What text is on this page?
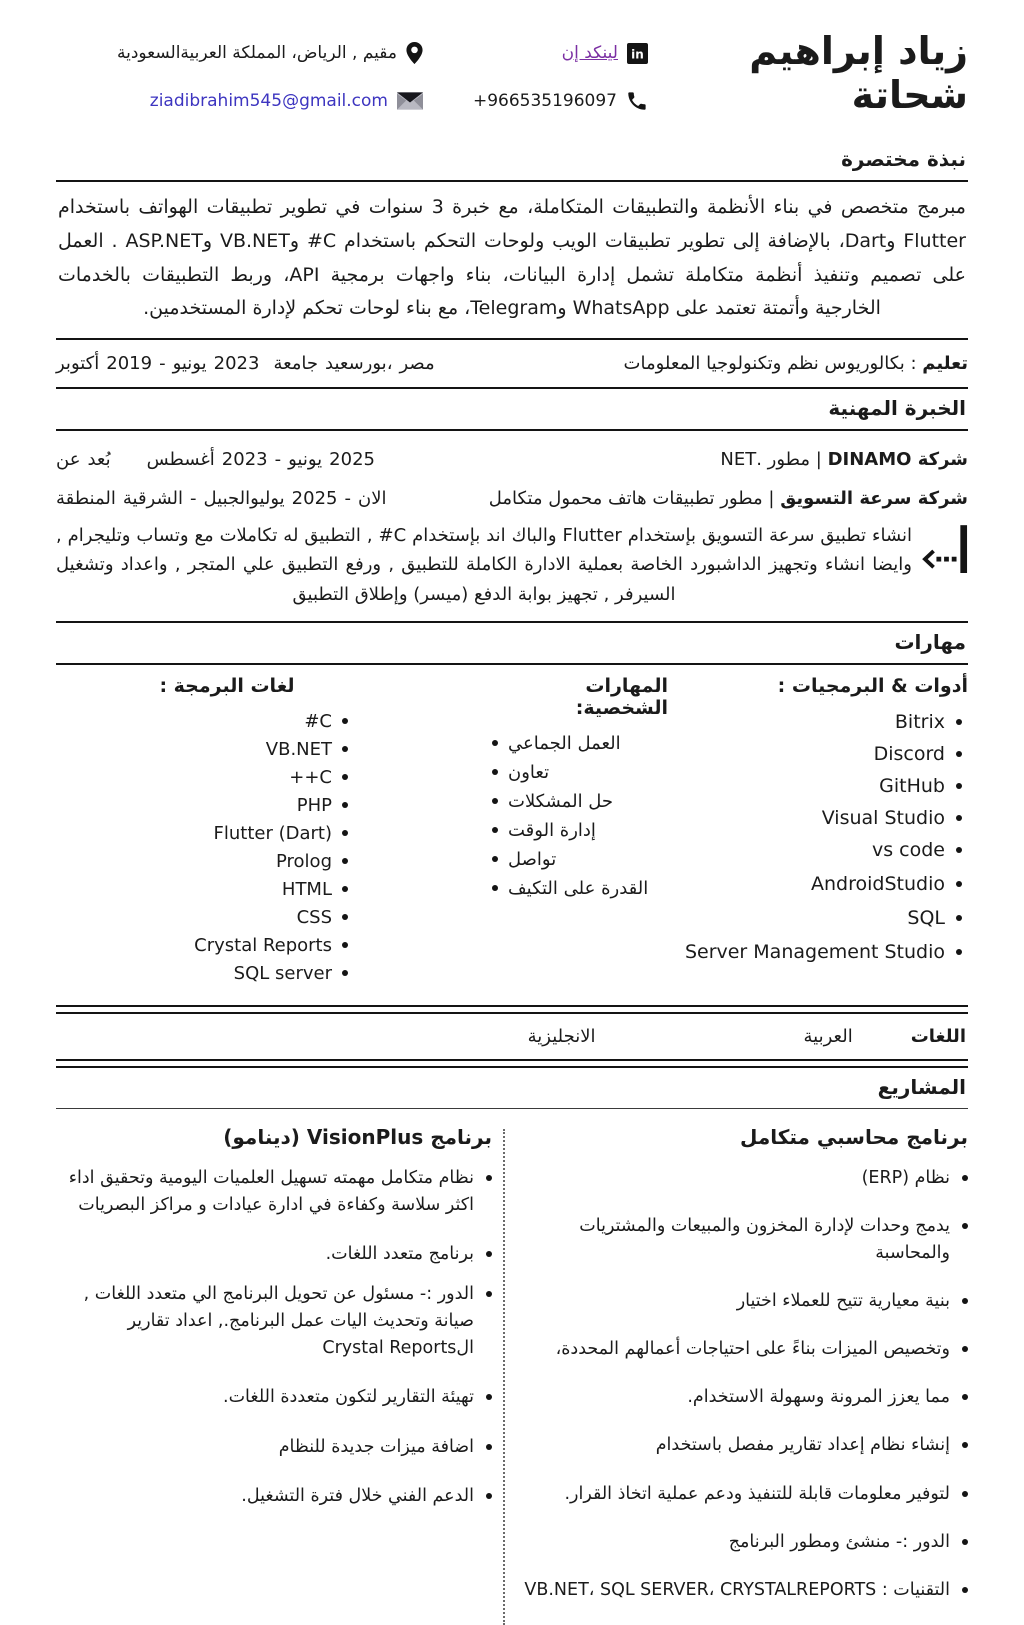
زياد إبراهيم شحاتة
in
لينكد إن
+966535196097
مقيم , الرياض، المملكة العربيةالسعودية
ziadibrahim545@gmail.com
نبذة مختصرة
مبرمج متخصص في بناء الأنظمة والتطبيقات المتكاملة، مع خبرة 3 سنوات في تطوير تطبيقات الهواتف باستخدام Flutter وDart، بالإضافة إلى تطوير تطبيقات الويب ولوحات التحكم باستخدام ‎#C وVB.NET وASP.NET . العمل على تصميم وتنفيذ أنظمة متكاملة تشمل إدارة البيانات، بناء واجهات برمجية API، وربط التطبيقات بالخدمات الخارجية وأتمتة تعتمد على WhatsApp وTelegram، مع بناء لوحات تحكم لإدارة المستخدمين.
أكتوبر 2019 - يونيو 2023 جامعة بورسعيد، مصر	تعليم : بكالوريوس نظم وتكنولوجيا المعلومات
الخبرة المهنية
عن بُعد أغسطس 2023 - يونيو 2025	شركة DINAMO | مطور .NET
المنطقة الشرقية - الجبيل يوليو 2025 - الان	شركة سرعة التسويق | مطور تطبيقات هاتف محمول متكامل
انشاء تطبيق سرعة التسويق بإستخدام Flutter والباك اند بإستخدام ‎#C , التطبيق له تكاملات مع وتساب وتليجرام , وايضا انشاء وتجهيز الداشبورد الخاصة بعملية الادارة الكاملة للتطبيق , ورفع التطبيق علي المتجر , واعداد وتشغيل السيرفر , تجهيز بوابة الدفع (ميسر) وإطلاق التطبيق
مهارات
أدوات & البرمجيات :
Bitrix
Discord
GitHub
Visual Studio
vs code
AndroidStudio
SQL
Server Management Studio
المهارات الشخصية:
العمل الجماعي
تعاون
حل المشكلات
إدارة الوقت
تواصل
القدرة على التكيف
لغات البرمجة :
#C
VB.NET
++C
PHP
Flutter (Dart)
Prolog
HTML
CSS
Crystal Reports
SQL server
اللغات
العربية
الانجليزية
المشاريع
برنامج محاسبي متكامل
نظام (ERP)
يدمج وحدات لإدارة المخزون والمبيعات والمشتريات والمحاسبة
بنية معيارية تتيح للعملاء اختيار
وتخصيص الميزات بناءً على احتياجات أعمالهم المحددة،
مما يعزز المرونة وسهولة الاستخدام.
إنشاء نظام إعداد تقارير مفصل باستخدام
لتوفير معلومات قابلة للتنفيذ ودعم عملية اتخاذ القرار.
الدور :- منشئ ومطور البرنامج
التقنيات : VB.NET، SQL SERVER، CRYSTALREPORTS
برنامج VisionPlus (دينامو)
نظام متكامل مهمته تسهيل العلميات اليومية وتحقيق اداء اكثر سلاسة وكفاءة في ادارة عيادات و مراكز البصريات
برنامج متعدد اللغات.
الدور :- مسئول عن تحويل البرنامج الي متعدد اللغات , صيانة وتحديث اليات عمل البرنامج., اعداد تقارير الCrystal Reports
تهيئة التقارير لتكون متعددة اللغات.
اضافة ميزات جديدة للنظام
الدعم الفني خلال فترة التشغيل.
